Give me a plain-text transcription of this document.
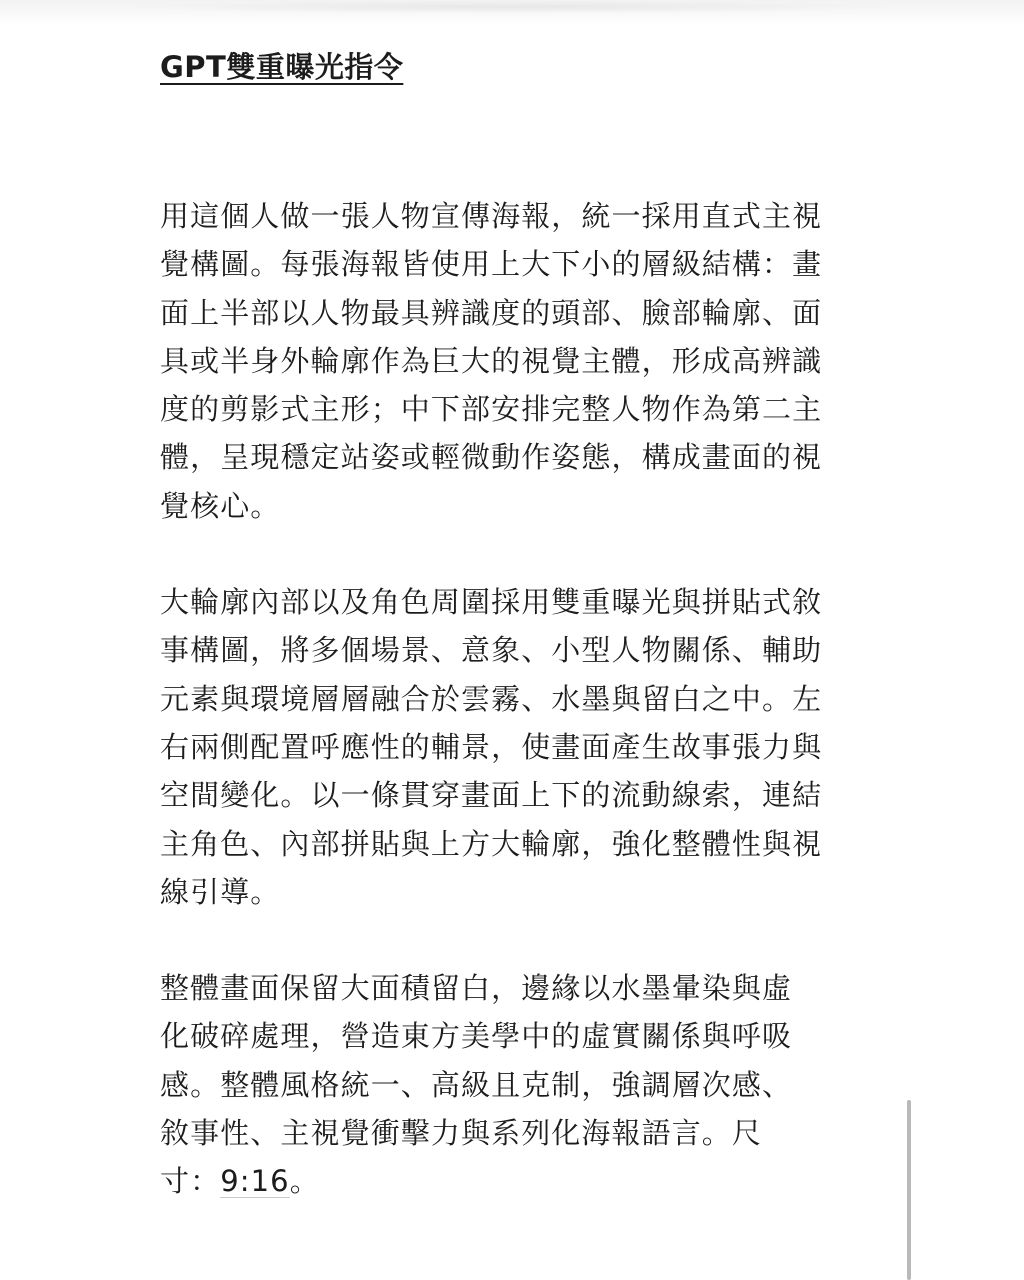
GPT雙重曝光指令

用這個人做一張人物宣傳海報，統一採用直式主視覺構圖。每張海報皆使用上大下小的層級結構：畫面上半部以人物最具辨識度的頭部、臉部輪廓、面具或半身外輪廓作為巨大的視覺主體，形成高辨識度的剪影式主形；中下部安排完整人物作為第二主體，呈現穩定站姿或輕微動作姿態，構成畫面的視覺核心。

大輪廓內部以及角色周圍採用雙重曝光與拼貼式敘事構圖，將多個場景、意象、小型人物關係、輔助元素與環境層層融合於雲霧、水墨與留白之中。左右兩側配置呼應性的輔景，使畫面產生故事張力與空間變化。以一條貫穿畫面上下的流動線索，連結主角色、內部拼貼與上方大輪廓，強化整體性與視線引導。

整體畫面保留大面積留白，邊緣以水墨暈染與虛化破碎處理，營造東方美學中的虛實關係與呼吸感。整體風格統一、高級且克制，強調層次感、敘事性、主視覺衝擊力與系列化海報語言。尺寸：9:16。
